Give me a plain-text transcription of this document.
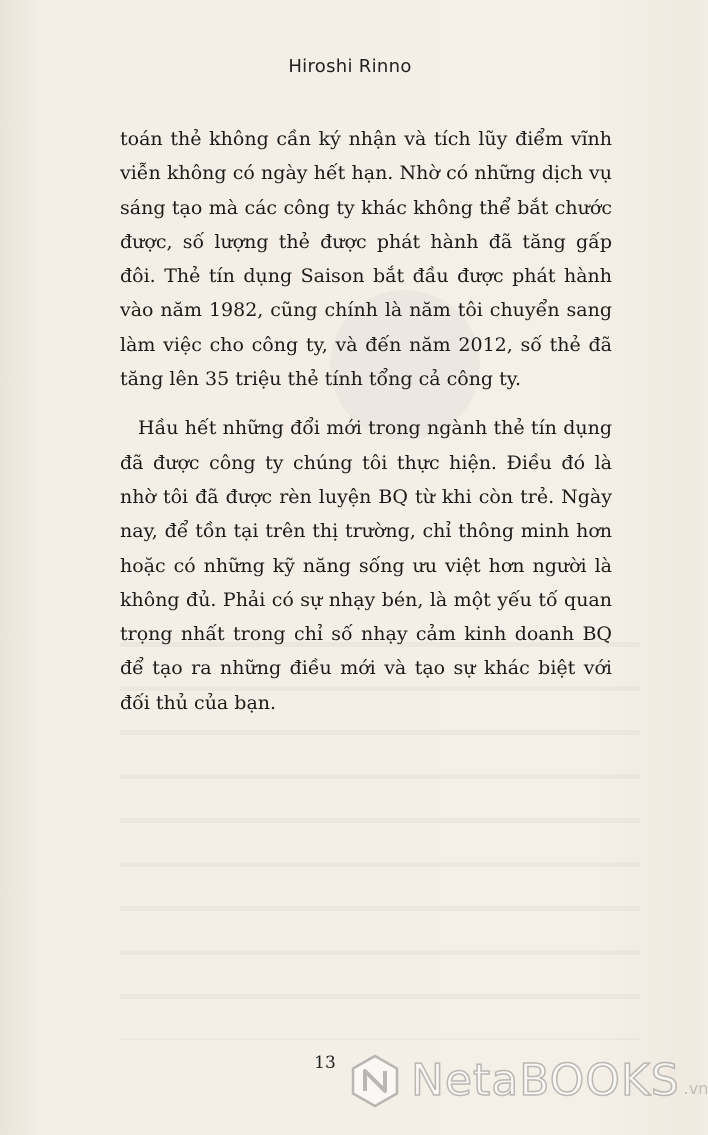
Hiroshi Rinno

toán thẻ không cần ký nhận và tích lũy điểm vĩnh viễn không có ngày hết hạn. Nhờ có những dịch vụ sáng tạo mà các công ty khác không thể bắt chước được, số lượng thẻ được phát hành đã tăng gấp đôi. Thẻ tín dụng Saison bắt đầu được phát hành vào năm 1982, cũng chính là năm tôi chuyển sang làm việc cho công ty, và đến năm 2012, số thẻ đã tăng lên 35 triệu thẻ tính tổng cả công ty.

Hầu hết những đổi mới trong ngành thẻ tín dụng đã được công ty chúng tôi thực hiện. Điều đó là nhờ tôi đã được rèn luyện BQ từ khi còn trẻ. Ngày nay, để tồn tại trên thị trường, chỉ thông minh hơn hoặc có những kỹ năng sống ưu việt hơn người là không đủ. Phải có sự nhạy bén, là một yếu tố quan trọng nhất trong chỉ số nhạy cảm kinh doanh BQ để tạo ra những điều mới và tạo sự khác biệt với đối thủ của bạn.

13	NetaBOOKS .vn
